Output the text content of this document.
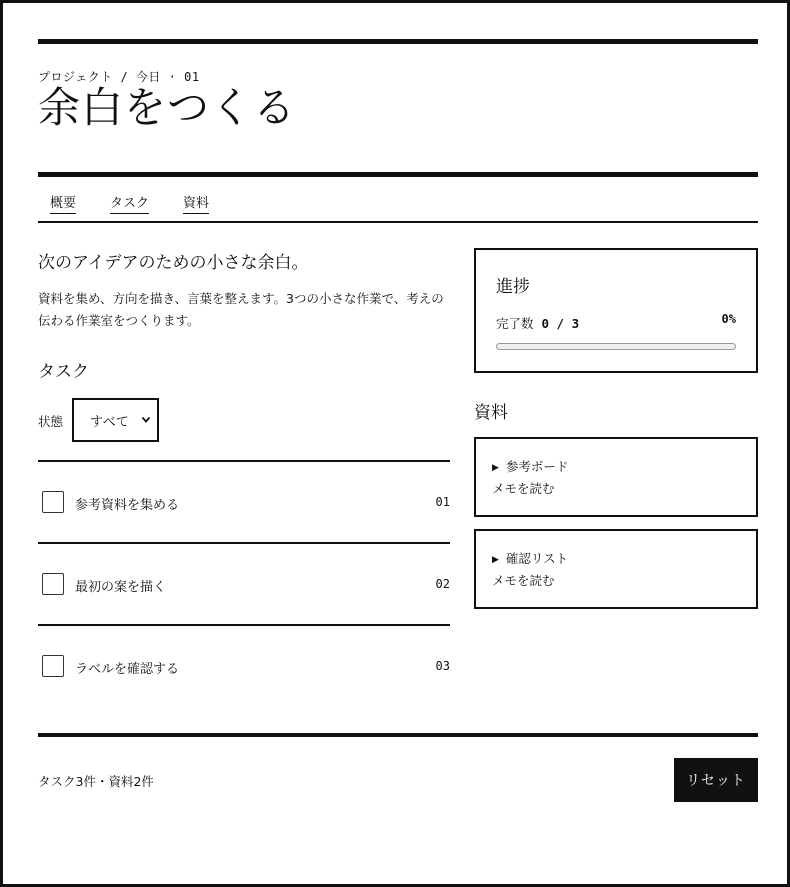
プロジェクト / 今日 · 01
余白をつくる
概要	タスク	資料
次のアイデアのための小さな余白。

資料を集め、方向を描き、言葉を整えます。3つの小さな作業で、考えの伝わる作業室をつくります。

タスク
状態 すべて
参考資料を集める	01
最初の案を描く	02
ラベルを確認する	03
進捗
完了数 0 / 3	0%
資料
▶ 参考ボード
メモを読む
▶ 確認リスト
メモを読む
タスク3件・資料2件	リセット
